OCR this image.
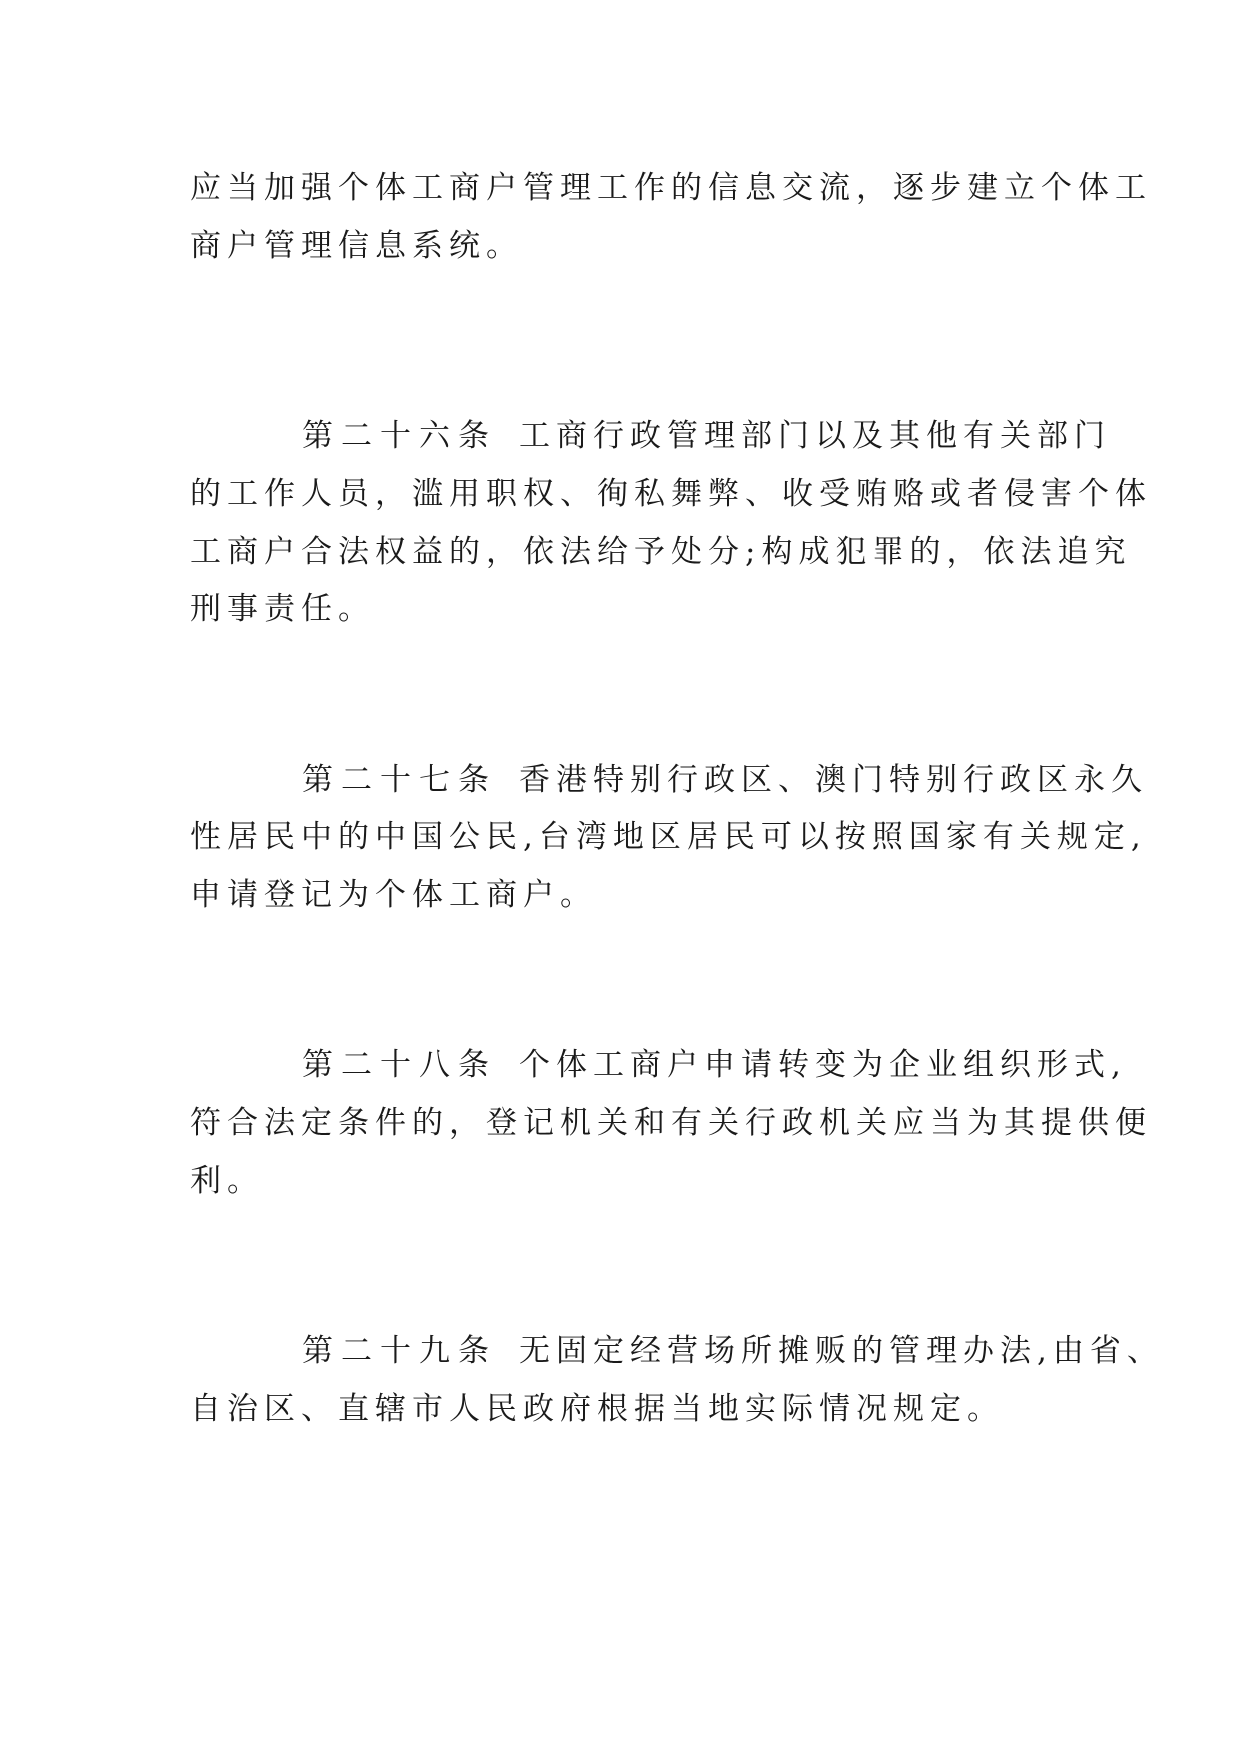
应当加强个体工商户管理工作的信息交流，逐步建立个体工
商户管理信息系统。
第二十六条 工商行政管理部门以及其他有关部门
的工作人员，滥用职权、徇私舞弊、收受贿赂或者侵害个体
工商户合法权益的，依法给予处分;构成犯罪的，依法追究
刑事责任。
第二十七条 香港特别行政区、澳门特别行政区永久
性居民中的中国公民,台湾地区居民可以按照国家有关规定,
申请登记为个体工商户。
第二十八条 个体工商户申请转变为企业组织形式,
符合法定条件的，登记机关和有关行政机关应当为其提供便
利。
第二十九条 无固定经营场所摊贩的管理办法,由省、
自治区、直辖市人民政府根据当地实际情况规定。
